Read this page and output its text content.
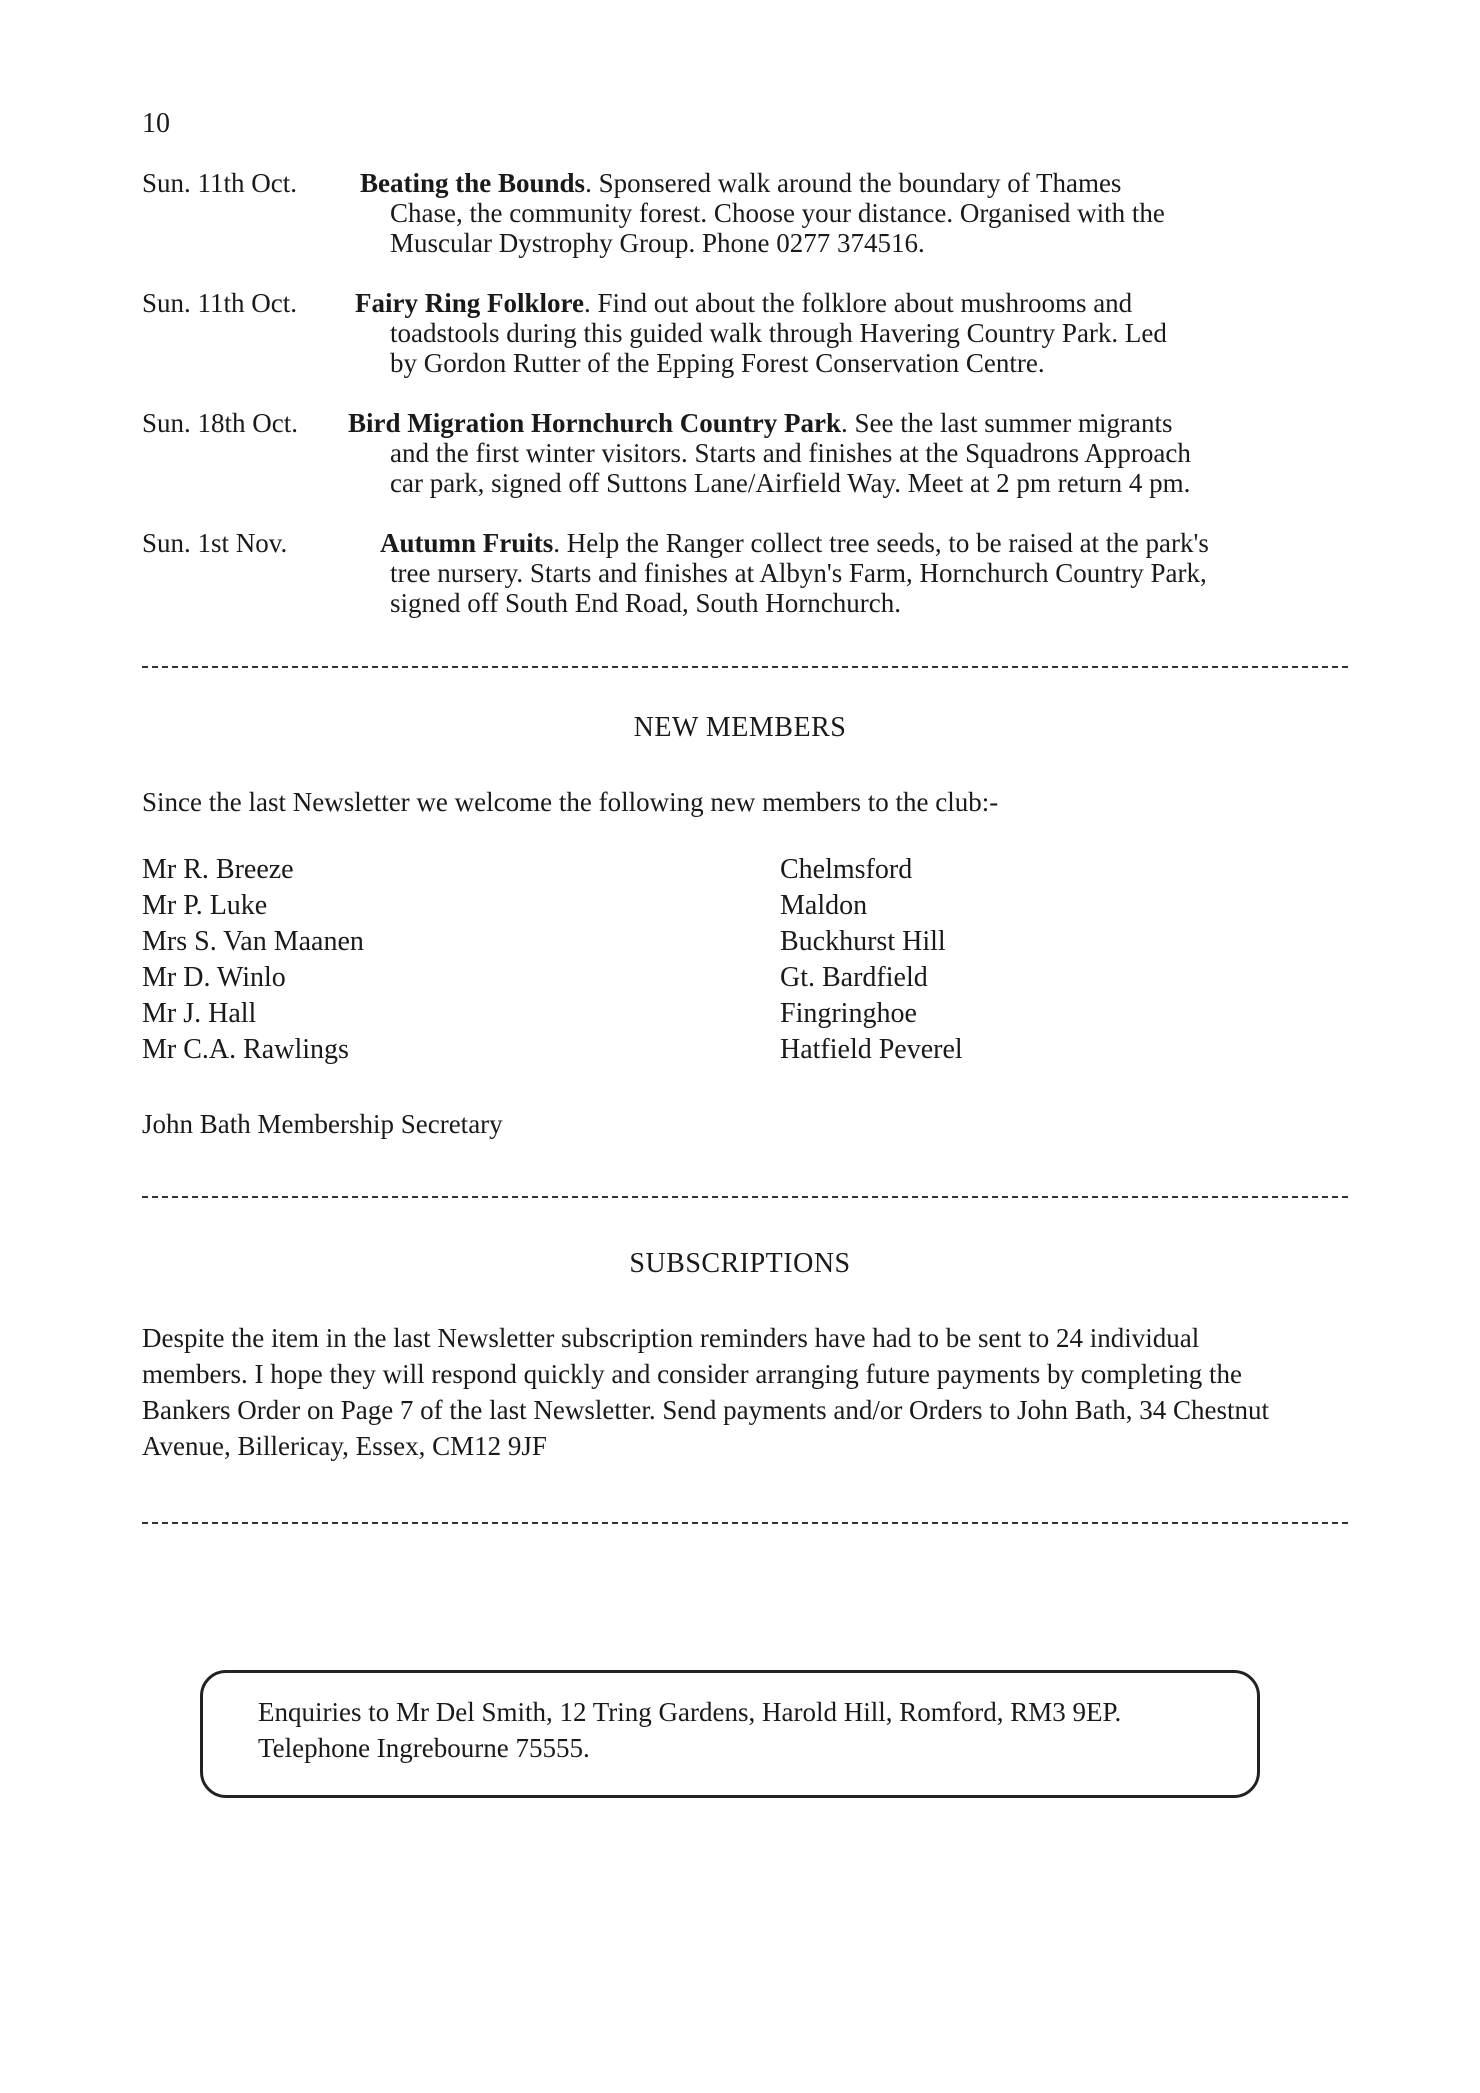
10
Sun. 11th Oct. Beating the Bounds. Sponsered walk around the boundary of Thames
Chase, the community forest. Choose your distance. Organised with the
Muscular Dystrophy Group. Phone 0277 374516.
Sun. 11th Oct. Fairy Ring Folklore. Find out about the folklore about mushrooms and
toadstools during this guided walk through Havering Country Park. Led
by Gordon Rutter of the Epping Forest Conservation Centre.
Sun. 18th Oct. Bird Migration Hornchurch Country Park. See the last summer migrants
and the first winter visitors. Starts and finishes at the Squadrons Approach
car park, signed off Suttons Lane/Airfield Way. Meet at 2 pm return 4 pm.
Sun. 1st Nov.	Autumn Fruits. Help the Ranger collect tree seeds, to be raised at the park's
tree nursery. Starts and finishes at Albyn's Farm, Hornchurch Country Park,
signed off South End Road, South Hornchurch.
NEW MEMBERS
Since the last Newsletter we welcome the following new members to the club:-
Mr R. Breeze	Chelmsford
Mr P. Luke	Maldon
Mrs S. Van Maanen	Buckhurst Hill
Mr D. Winlo	Gt. Bardfield
Mr J. Hall	Fingringhoe
Mr C.A. Rawlings	Hatfield Peverel
John Bath Membership Secretary
SUBSCRIPTIONS
Despite the item in the last Newsletter subscription reminders have had to be sent to 24 individual
members. I hope they will respond quickly and consider arranging future payments by completing the
Bankers Order on Page 7 of the last Newsletter. Send payments and/or Orders to John Bath, 34 Chestnut
Avenue, Billericay, Essex, CM12 9JF
Enquiries to Mr Del Smith, 12 Tring Gardens, Harold Hill, Romford, RM3 9EP.
Telephone Ingrebourne 75555.
